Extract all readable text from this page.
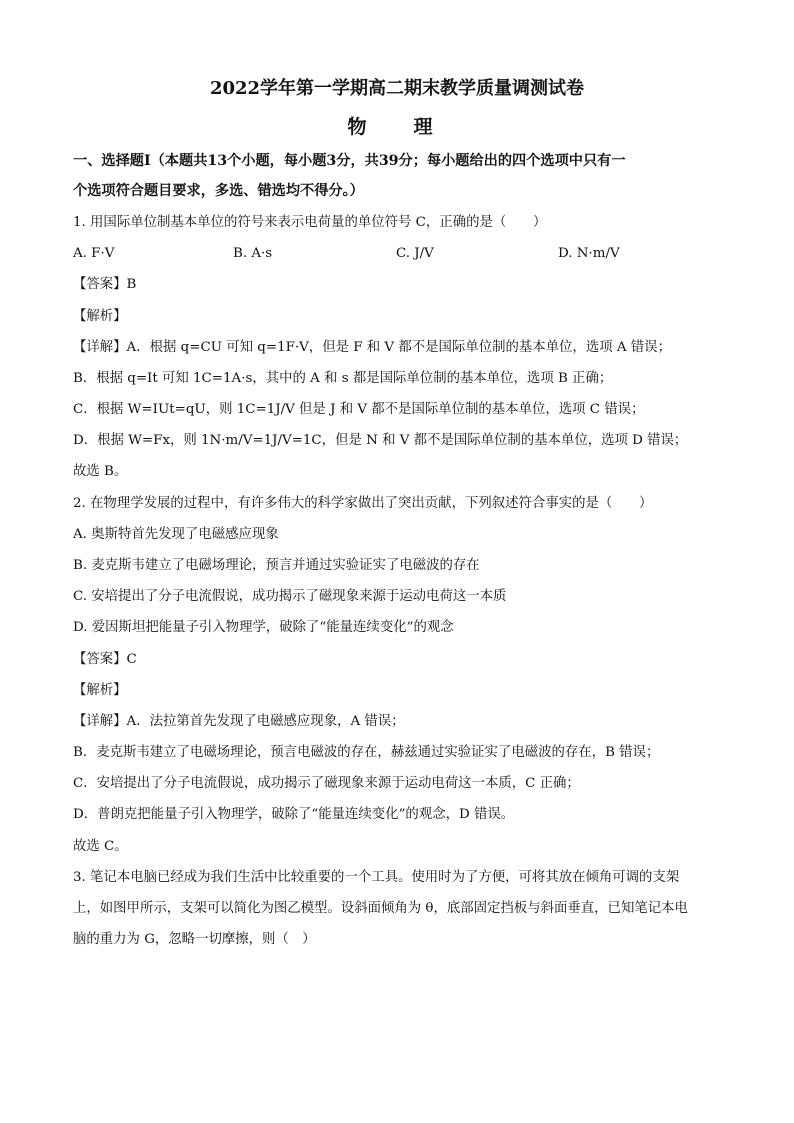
2022学年第一学期高二期末教学质量调测试卷
物　理
一、选择题Ⅰ（本题共13个小题，每小题3分，共39分；每小题给出的四个选项中只有一
个选项符合题目要求，多选、错选均不得分。）
1. 用国际单位制基本单位的符号来表示电荷量的单位符号 C，正确的是（　　）
A. F·V	B. A·s	C. J/V	D. N·m/V
【答案】B
【解析】
【详解】A．根据 q=CU 可知 q=1F·V，但是 F 和 V 都不是国际单位制的基本单位，选项 A 错误；
B．根据 q=It 可知 1C=1A·s，其中的 A 和 s 都是国际单位制的基本单位，选项 B 正确；
C．根据 W=IUt=qU，则 1C=1J/V 但是 J 和 V 都不是国际单位制的基本单位，选项 C 错误；
D．根据 W=Fx，则 1N·m/V=1J/V=1C，但是 N 和 V 都不是国际单位制的基本单位，选项 D 错误；
故选 B。
2. 在物理学发展的过程中，有许多伟大的科学家做出了突出贡献，下列叙述符合事实的是（　　）
A. 奥斯特首先发现了电磁感应现象
B. 麦克斯韦建立了电磁场理论，预言并通过实验证实了电磁波的存在
C. 安培提出了分子电流假说，成功揭示了磁现象来源于运动电荷这一本质
D. 爱因斯坦把能量子引入物理学，破除了“能量连续变化”的观念
【答案】C
【解析】
【详解】A．法拉第首先发现了电磁感应现象，A 错误；
B．麦克斯韦建立了电磁场理论，预言电磁波的存在，赫兹通过实验证实了电磁波的存在，B 错误；
C．安培提出了分子电流假说，成功揭示了磁现象来源于运动电荷这一本质，C 正确；
D．普朗克把能量子引入物理学，破除了“能量连续变化”的观念，D 错误。
故选 C。
3. 笔记本电脑已经成为我们生活中比较重要的一个工具。使用时为了方便，可将其放在倾角可调的支架
上，如图甲所示，支架可以简化为图乙模型。设斜面倾角为 θ，底部固定挡板与斜面垂直，已知笔记本电
脑的重力为 G，忽略一切摩擦，则（　）
